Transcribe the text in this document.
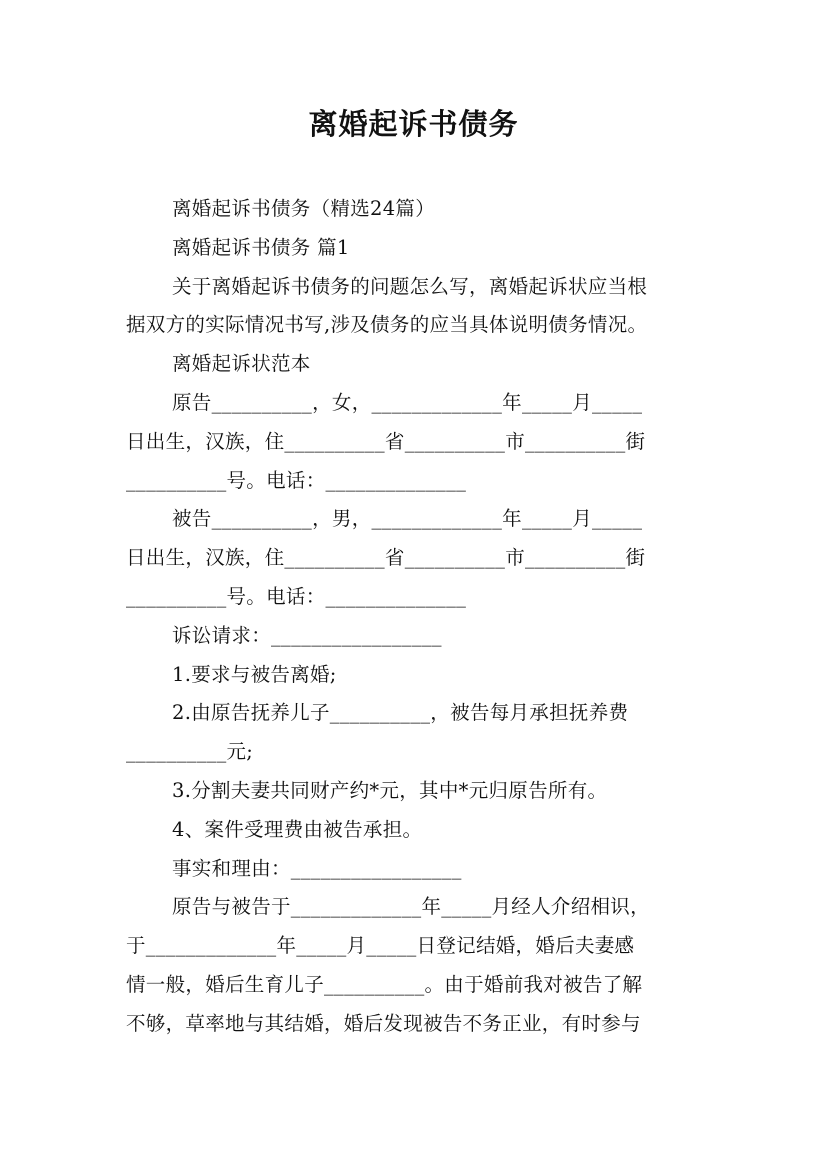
离婚起诉书债务
离婚起诉书债务（精选24篇）
离婚起诉书债务 篇1
关于离婚起诉书债务的问题怎么写，离婚起诉状应当根
据双方的实际情况书写,涉及债务的应当具体说明债务情况。
离婚起诉状范本
原告__________，女，_____________年_____月_____
日出生，汉族，住__________省__________市__________街
__________号。电话：______________
被告__________，男，_____________年_____月_____
日出生，汉族，住__________省__________市__________街
__________号。电话：______________
诉讼请求：_________________
1.要求与被告离婚;
2.由原告抚养儿子__________，被告每月承担抚养费
__________元;
3.分割夫妻共同财产约*元，其中*元归原告所有。
4、案件受理费由被告承担。
事实和理由：_________________
原告与被告于_____________年_____月经人介绍相识，
于_____________年_____月_____日登记结婚，婚后夫妻感
情一般，婚后生育儿子__________。由于婚前我对被告了解
不够，草率地与其结婚，婚后发现被告不务正业，有时参与
